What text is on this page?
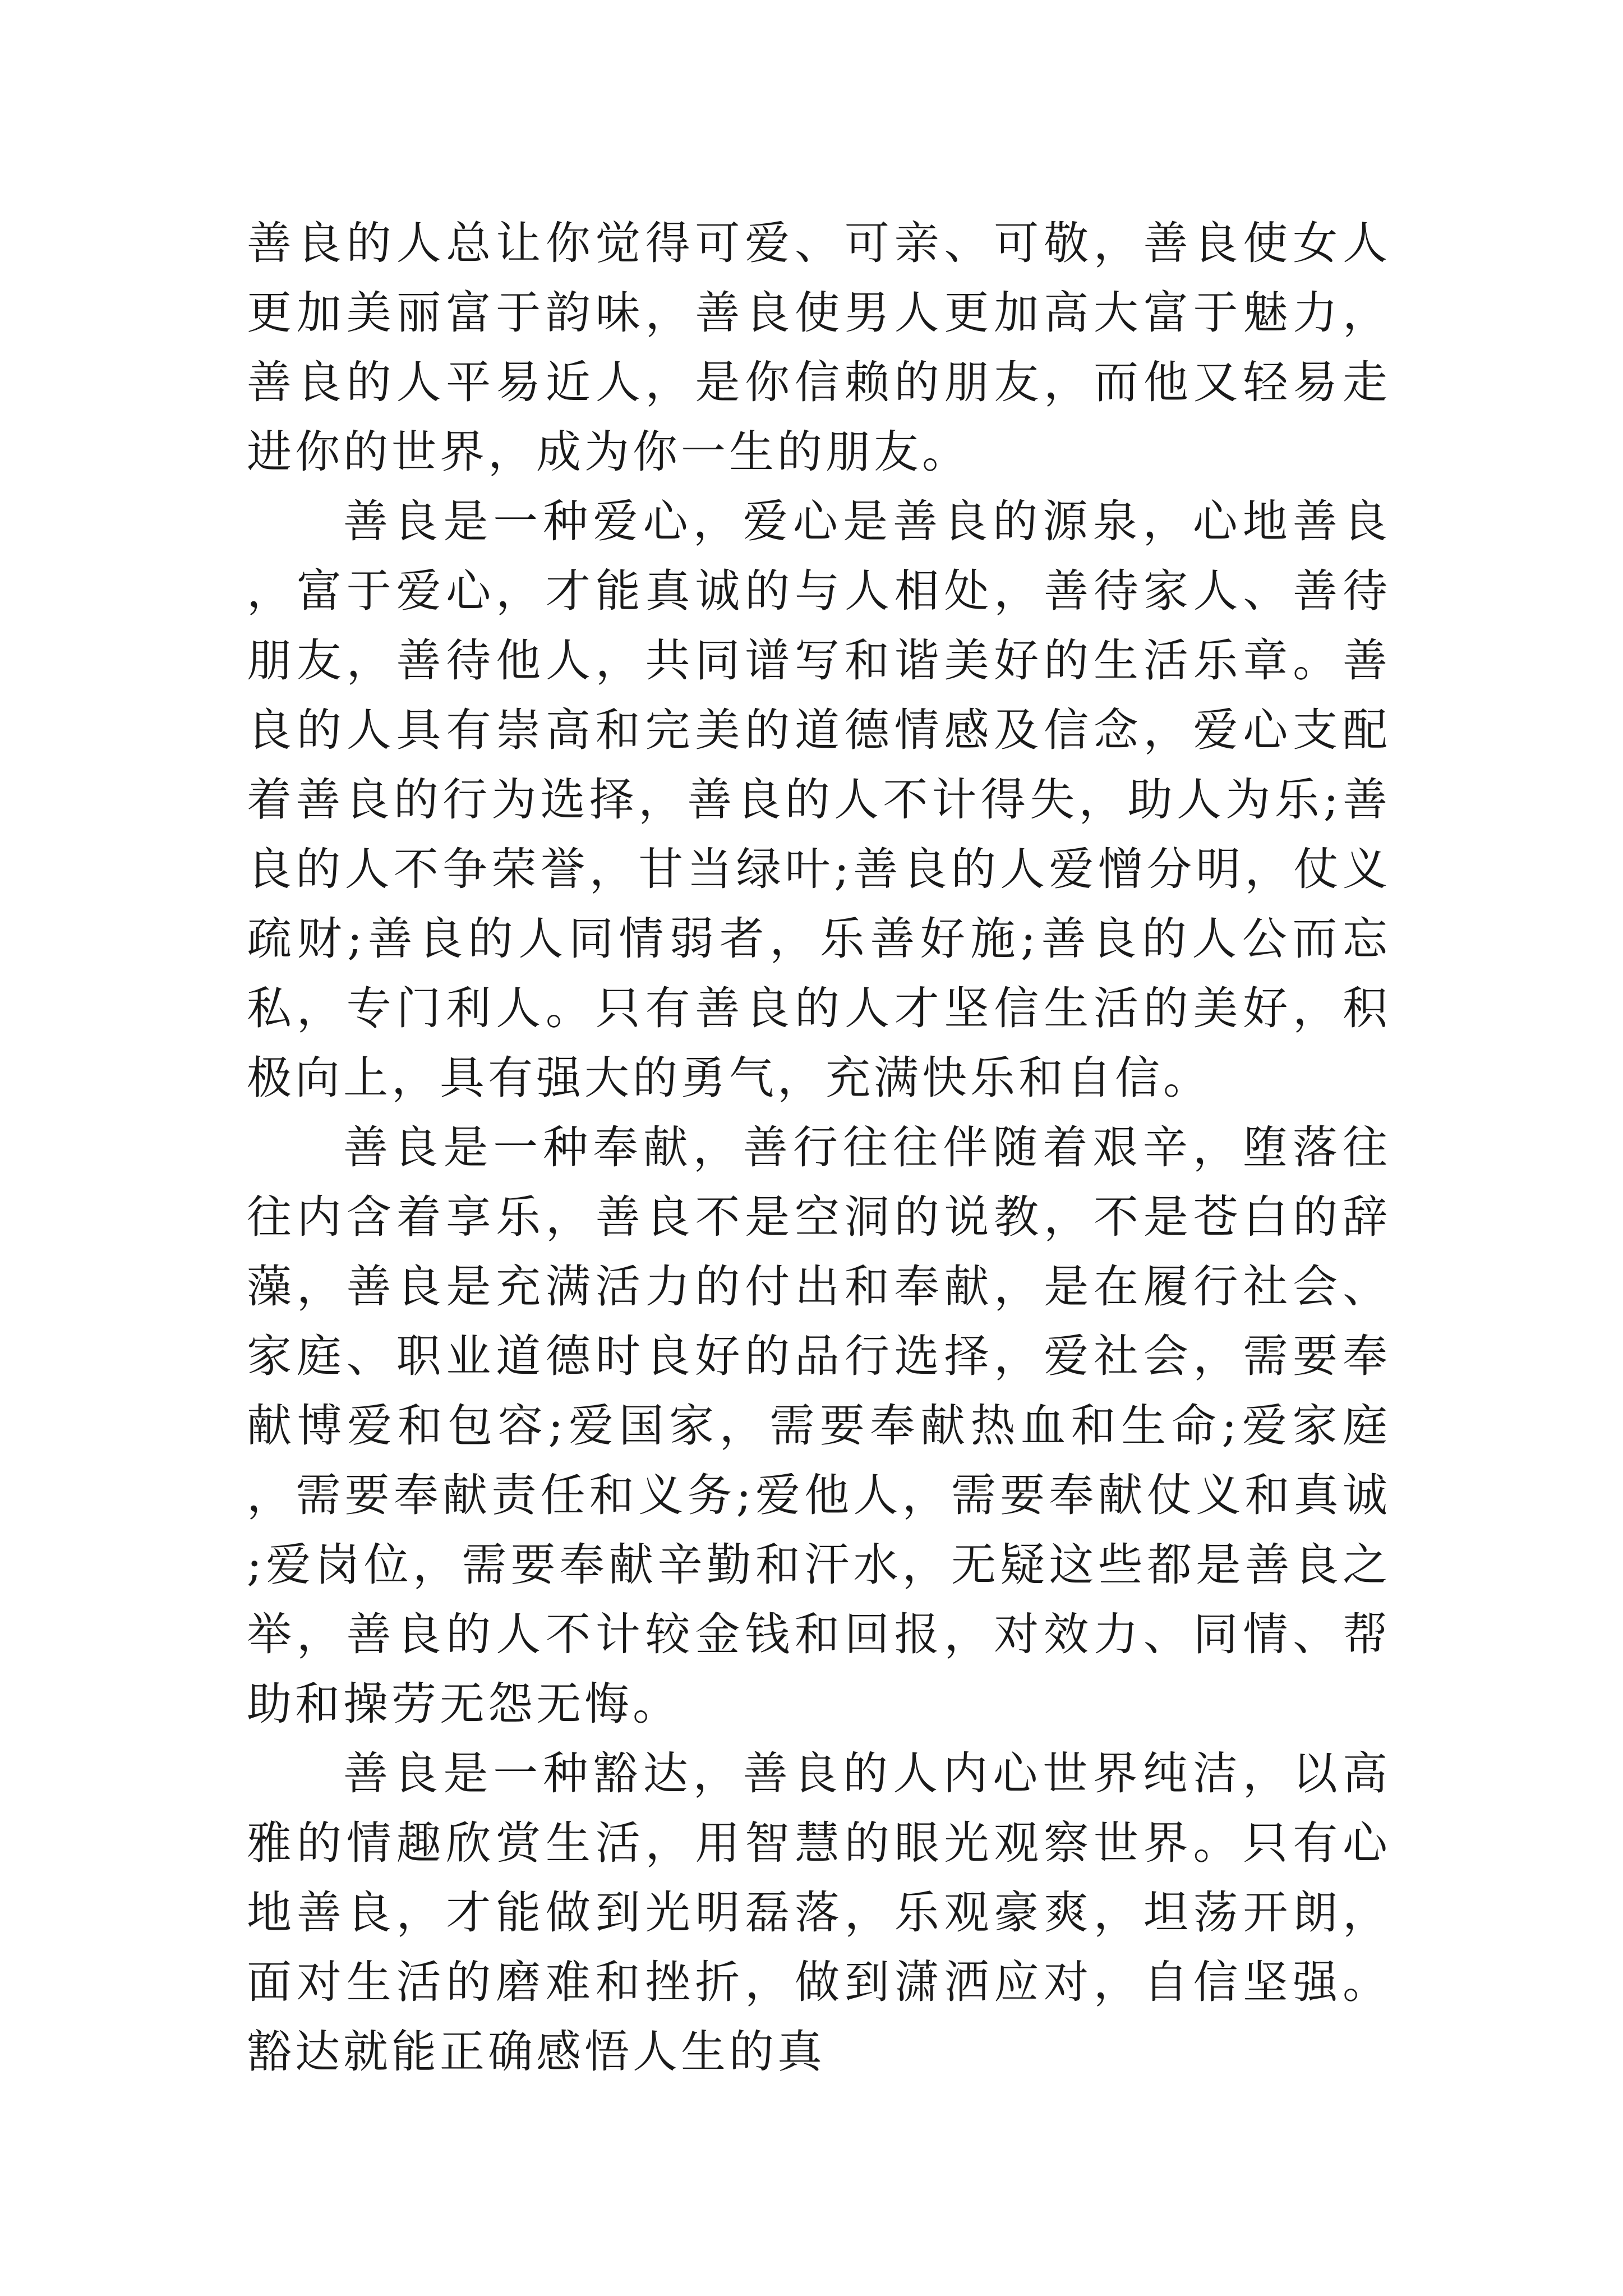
善良的人总让你觉得可爱、可亲、可敬，善良使女人更加美丽富于韵味，善良使男人更加高大富于魅力，善良的人平易近人，是你信赖的朋友，而他又轻易走进你的世界，成为你一生的朋友。

善良是一种爱心，爱心是善良的源泉，心地善良，富于爱心，才能真诚的与人相处，善待家人、善待朋友，善待他人，共同谱写和谐美好的生活乐章。善良的人具有崇高和完美的道德情感及信念，爱心支配着善良的行为选择，善良的人不计得失，助人为乐;善良的人不争荣誉，甘当绿叶;善良的人爱憎分明，仗义疏财;善良的人同情弱者，乐善好施;善良的人公而忘私，专门利人。只有善良的人才坚信生活的美好，积极向上，具有强大的勇气，充满快乐和自信。

善良是一种奉献，善行往往伴随着艰辛，堕落往往内含着享乐，善良不是空洞的说教，不是苍白的辞藻，善良是充满活力的付出和奉献，是在履行社会、家庭、职业道德时良好的品行选择，爱社会，需要奉献博爱和包容;爱国家，需要奉献热血和生命;爱家庭，需要奉献责任和义务;爱他人，需要奉献仗义和真诚;爱岗位，需要奉献辛勤和汗水，无疑这些都是善良之举，善良的人不计较金钱和回报，对效力、同情、帮助和操劳无怨无悔。

善良是一种豁达，善良的人内心世界纯洁，以高雅的情趣欣赏生活，用智慧的眼光观察世界。只有心地善良，才能做到光明磊落，乐观豪爽，坦荡开朗，面对生活的磨难和挫折，做到潇洒应对，自信坚强。豁达就能正确感悟人生的真
